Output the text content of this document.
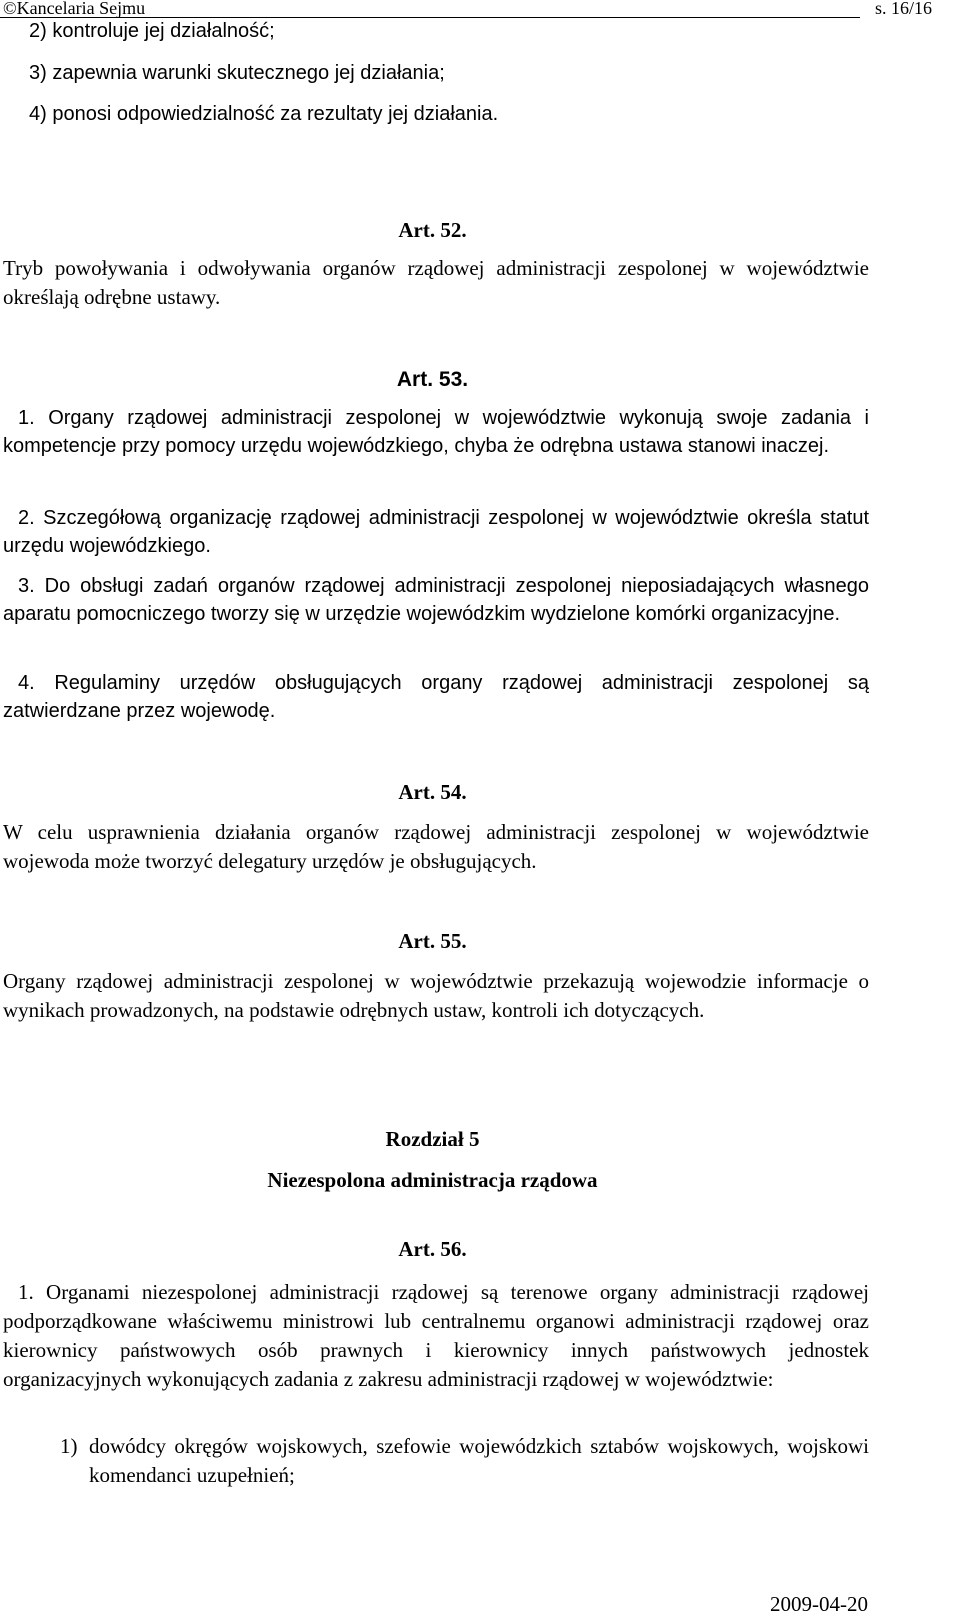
©Kancelaria Sejmu	s. 16/16
2) kontroluje jej działalność;
3) zapewnia warunki skutecznego jej działania;
4) ponosi odpowiedzialność za rezultaty jej działania.
Art. 52.
Tryb powoływania i odwoływania organów rządowej administracji zespolonej w województwie określają odrębne ustawy.
Art. 53.
1. Organy rządowej administracji zespolonej w województwie wykonują swoje zadania i kompetencje przy pomocy urzędu wojewódzkiego, chyba że odrębna ustawa stanowi inaczej.
2. Szczegółową organizację rządowej administracji zespolonej w województwie określa statut urzędu wojewódzkiego.
3. Do obsługi zadań organów rządowej administracji zespolonej nieposiadających własnego aparatu pomocniczego tworzy się w urzędzie wojewódzkim wydzielone komórki organizacyjne.
4. Regulaminy urzędów obsługujących organy rządowej administracji zespolonej są zatwierdzane przez wojewodę.
Art. 54.
W celu usprawnienia działania organów rządowej administracji zespolonej w województwie wojewoda może tworzyć delegatury urzędów je obsługujących.
Art. 55.
Organy rządowej administracji zespolonej w województwie przekazują wojewodzie informacje o wynikach prowadzonych, na podstawie odrębnych ustaw, kontroli ich dotyczących.
Rozdział 5
Niezespolona administracja rządowa
Art. 56.
1. Organami niezespolonej administracji rządowej są terenowe organy administracji rządowej podporządkowane właściwemu ministrowi lub centralnemu organowi administracji rządowej oraz kierownicy państwowych osób prawnych i kierownicy innych państwowych jednostek organizacyjnych wykonujących zadania z zakresu administracji rządowej w województwie:
1) dowódcy okręgów wojskowych, szefowie wojewódzkich sztabów wojskowych, wojskowi komendanci uzupełnień;
2009-04-20
